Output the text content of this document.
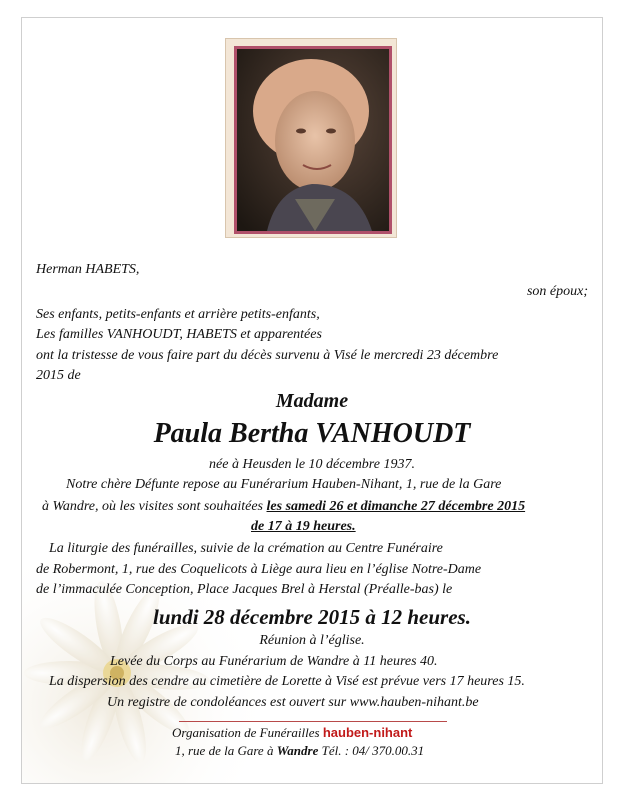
Herman HABETS,
son époux;
Ses enfants, petits-enfants et arrière petits-enfants,
Les familles VANHOUDT, HABETS et apparentées
ont la tristesse de vous faire part du décès survenu à Visé le mercredi 23 décembre
2015 de
Madame
Paula Bertha VANHOUDT
née à Heusden le 10 décembre 1937.
Notre chère Défunte repose au Funérarium Hauben-Nihant, 1, rue de la Gare
à Wandre, où les visites sont souhaitées les samedi 26 et dimanche 27 décembre 2015
de 17 à 19 heures.
La liturgie des funérailles, suivie de la crémation au Centre Funéraire
de Robermont, 1, rue des Coquelicots à Liège aura lieu en l’église Notre-Dame
de l’immaculée Conception, Place Jacques Brel à Herstal (Préalle-bas) le
lundi 28 décembre 2015 à 12 heures.
Réunion à l’église.
Levée du Corps au Funérarium de Wandre à 11 heures 40.
La dispersion des cendre au cimetière de Lorette à Visé est prévue vers 17 heures 15.
Un registre de condoléances est ouvert sur www.hauben-nihant.be
Organisation de Funérailles hauben-nihant
1, rue de la Gare à Wandre Tél. : 04/ 370.00.31
